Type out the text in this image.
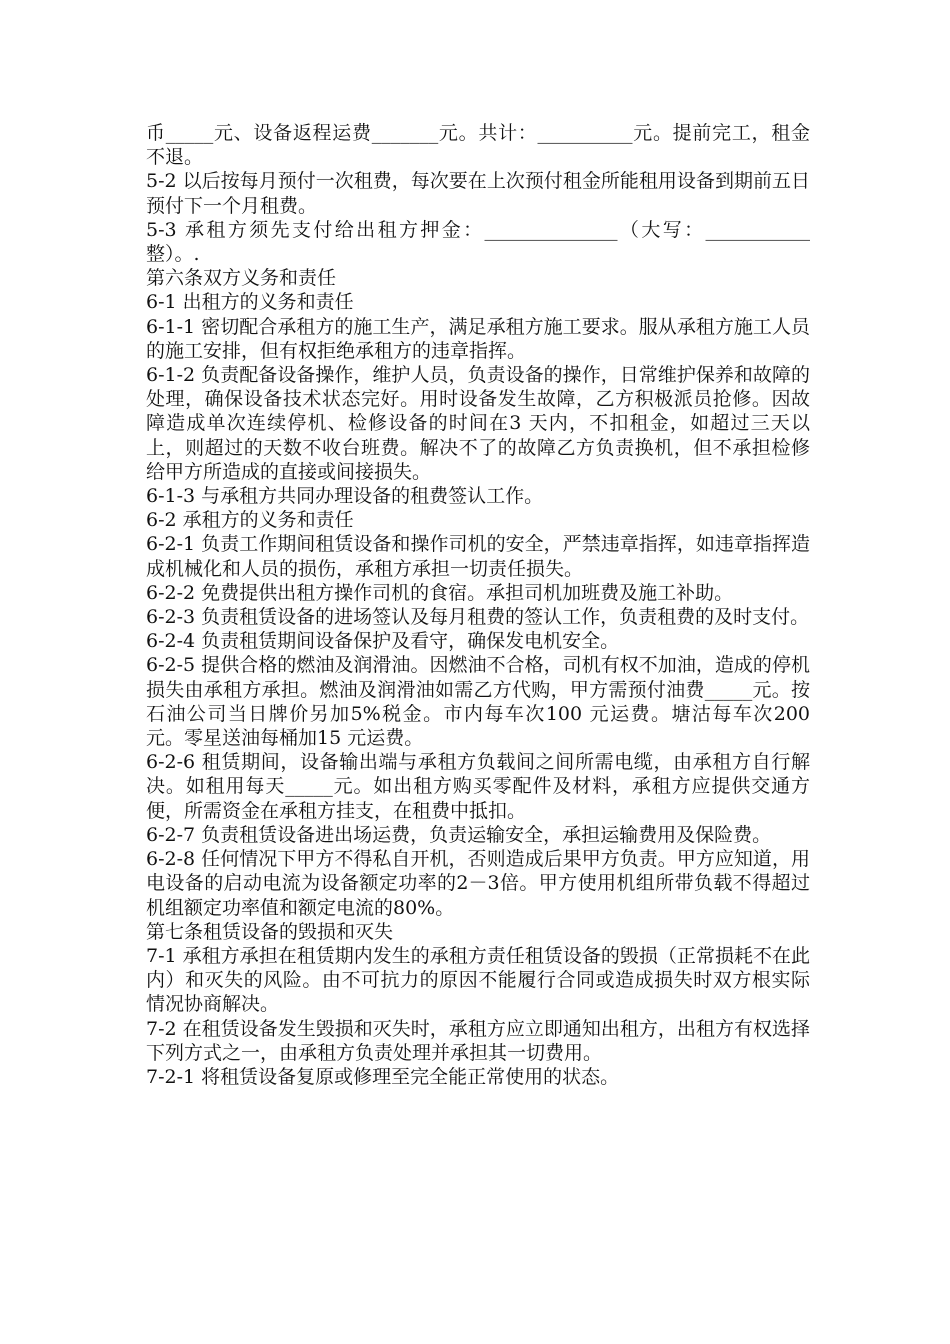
币_____元、设备返程运费_______元。共计：__________元。提前完工，租金不退。

5-2 以后按每月预付一次租费，每次要在上次预付租金所能租用设备到期前五日预付下一个月租费。

5-3 承租方须先支付给出租方押金：______________（大写：___________整）。.

第六条双方义务和责任

6-1 出租方的义务和责任

6-1-1 密切配合承租方的施工生产，满足承租方施工要求。服从承租方施工人员的施工安排，但有权拒绝承租方的违章指挥。

6-1-2 负责配备设备操作，维护人员，负责设备的操作，日常维护保养和故障的处理，确保设备技术状态完好。用时设备发生故障，乙方积极派员抢修。因故障造成单次连续停机、检修设备的时间在3 天内，不扣租金，如超过三天以上，则超过的天数不收台班费。解决不了的故障乙方负责换机，但不承担检修给甲方所造成的直接或间接损失。

6-1-3 与承租方共同办理设备的租费签认工作。

6-2 承租方的义务和责任

6-2-1 负责工作期间租赁设备和操作司机的安全，严禁违章指挥，如违章指挥造成机械化和人员的损伤，承租方承担一切责任损失。

6-2-2 免费提供出租方操作司机的食宿。承担司机加班费及施工补助。

6-2-3 负责租赁设备的进场签认及每月租费的签认工作，负责租费的及时支付。

6-2-4 负责租赁期间设备保护及看守，确保发电机安全。

6-2-5 提供合格的燃油及润滑油。因燃油不合格，司机有权不加油，造成的停机损失由承租方承担。燃油及润滑油如需乙方代购，甲方需预付油费_____元。按石油公司当日牌价另加5%税金。市内每车次100 元运费。塘沽每车次200 元。零星送油每桶加15 元运费。

6-2-6 租赁期间，设备输出端与承租方负载间之间所需电缆，由承租方自行解决。如租用每天_____元。如出租方购买零配件及材料，承租方应提供交通方便，所需资金在承租方挂支，在租费中抵扣。

6-2-7 负责租赁设备进出场运费，负责运输安全，承担运输费用及保险费。

6-2-8 任何情况下甲方不得私自开机，否则造成后果甲方负责。甲方应知道，用电设备的启动电流为设备额定功率的2－3倍。甲方使用机组所带负载不得超过机组额定功率值和额定电流的80%。

第七条租赁设备的毁损和灭失

7-1 承租方承担在租赁期内发生的承租方责任租赁设备的毁损（正常损耗不在此内）和灭失的风险。由不可抗力的原因不能履行合同或造成损失时双方根实际情况协商解决。

7-2 在租赁设备发生毁损和灭失时，承租方应立即通知出租方，出租方有权选择下列方式之一，由承租方负责处理并承担其一切费用。

7-2-1 将租赁设备复原或修理至完全能正常使用的状态。
